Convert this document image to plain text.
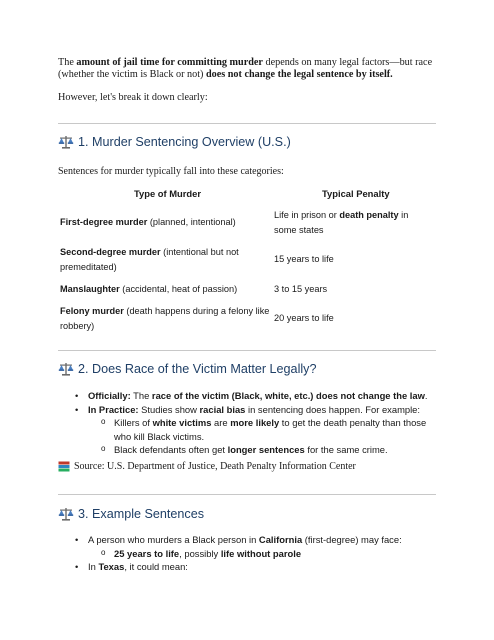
The amount of jail time for committing murder depends on many legal factors—but race (whether the victim is Black or not) does not change the legal sentence by itself.
However, let's break it down clearly:
1. Murder Sentencing Overview (U.S.)
Sentences for murder typically fall into these categories:
Type of Murder	Typical Penalty
First-degree murder (planned, intentional)
Life in prison or death penalty in some states
Second-degree murder (intentional but not premeditated)
15 years to life
Manslaughter (accidental, heat of passion)	3 to 15 years
Felony murder (death happens during a felony like robbery)
20 years to life
2. Does Race of the Victim Matter Legally?
• Officially: The race of the victim (Black, white, etc.) does not change the law.
• In Practice: Studies show racial bias in sentencing does happen. For example:
o Killers of white victims are more likely to get the death penalty than those who kill Black victims.
o Black defendants often get longer sentences for the same crime.
Source: U.S. Department of Justice, Death Penalty Information Center
3. Example Sentences
• A person who murders a Black person in California (first-degree) may face:
o 25 years to life, possibly life without parole
• In Texas, it could mean:
